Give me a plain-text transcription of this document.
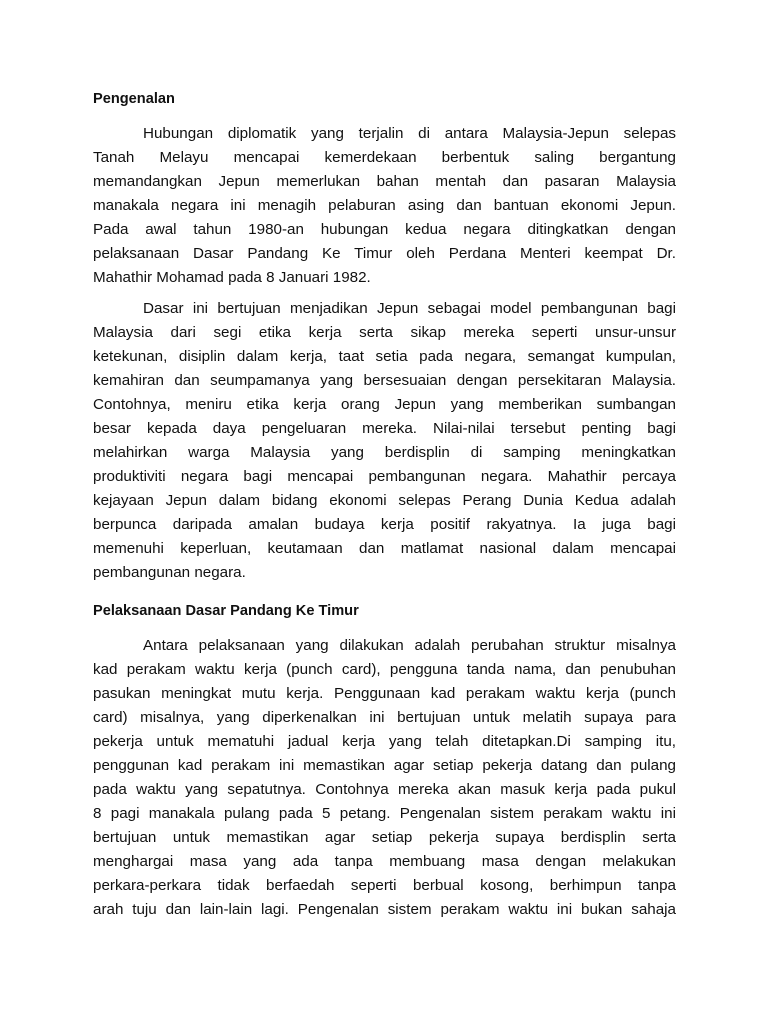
Pengenalan
Hubungan diplomatik yang terjalin di antara Malaysia-Jepun selepas
Tanah Melayu mencapai kemerdekaan berbentuk saling bergantung
memandangkan Jepun memerlukan bahan mentah dan pasaran Malaysia
manakala negara ini menagih pelaburan asing dan bantuan ekonomi Jepun.
Pada awal tahun 1980-an hubungan kedua negara ditingkatkan dengan
pelaksanaan Dasar Pandang Ke Timur oleh Perdana Menteri keempat Dr.
Mahathir Mohamad pada 8 Januari 1982.
Dasar ini bertujuan menjadikan Jepun sebagai model pembangunan bagi
Malaysia dari segi etika kerja serta sikap mereka seperti unsur-unsur
ketekunan, disiplin dalam kerja, taat setia pada negara, semangat kumpulan,
kemahiran dan seumpamanya yang bersesuaian dengan persekitaran Malaysia.
Contohnya, meniru etika kerja orang Jepun yang memberikan sumbangan
besar kepada daya pengeluaran mereka. Nilai-nilai tersebut penting bagi
melahirkan warga Malaysia yang berdisplin di samping meningkatkan
produktiviti negara bagi mencapai pembangunan negara. Mahathir percaya
kejayaan Jepun dalam bidang ekonomi selepas Perang Dunia Kedua adalah
berpunca daripada amalan budaya kerja positif rakyatnya. Ia juga bagi
memenuhi keperluan, keutamaan dan matlamat nasional dalam mencapai
pembangunan negara.
Pelaksanaan Dasar Pandang Ke Timur
Antara pelaksanaan yang dilakukan adalah perubahan struktur misalnya
kad perakam waktu kerja (punch card), pengguna tanda nama, dan penubuhan
pasukan meningkat mutu kerja. Penggunaan kad perakam waktu kerja (punch
card) misalnya, yang diperkenalkan ini bertujuan untuk melatih supaya para
pekerja untuk mematuhi jadual kerja yang telah ditetapkan.Di samping itu,
penggunan kad perakam ini memastikan agar setiap pekerja datang dan pulang
pada waktu yang sepatutnya. Contohnya mereka akan masuk kerja pada pukul
8 pagi manakala pulang pada 5 petang. Pengenalan sistem perakam waktu ini
bertujuan untuk memastikan agar setiap pekerja supaya berdisplin serta
menghargai masa yang ada tanpa membuang masa dengan melakukan
perkara-perkara tidak berfaedah seperti berbual kosong, berhimpun tanpa
arah tuju dan lain-lain lagi. Pengenalan sistem perakam waktu ini bukan sahaja
